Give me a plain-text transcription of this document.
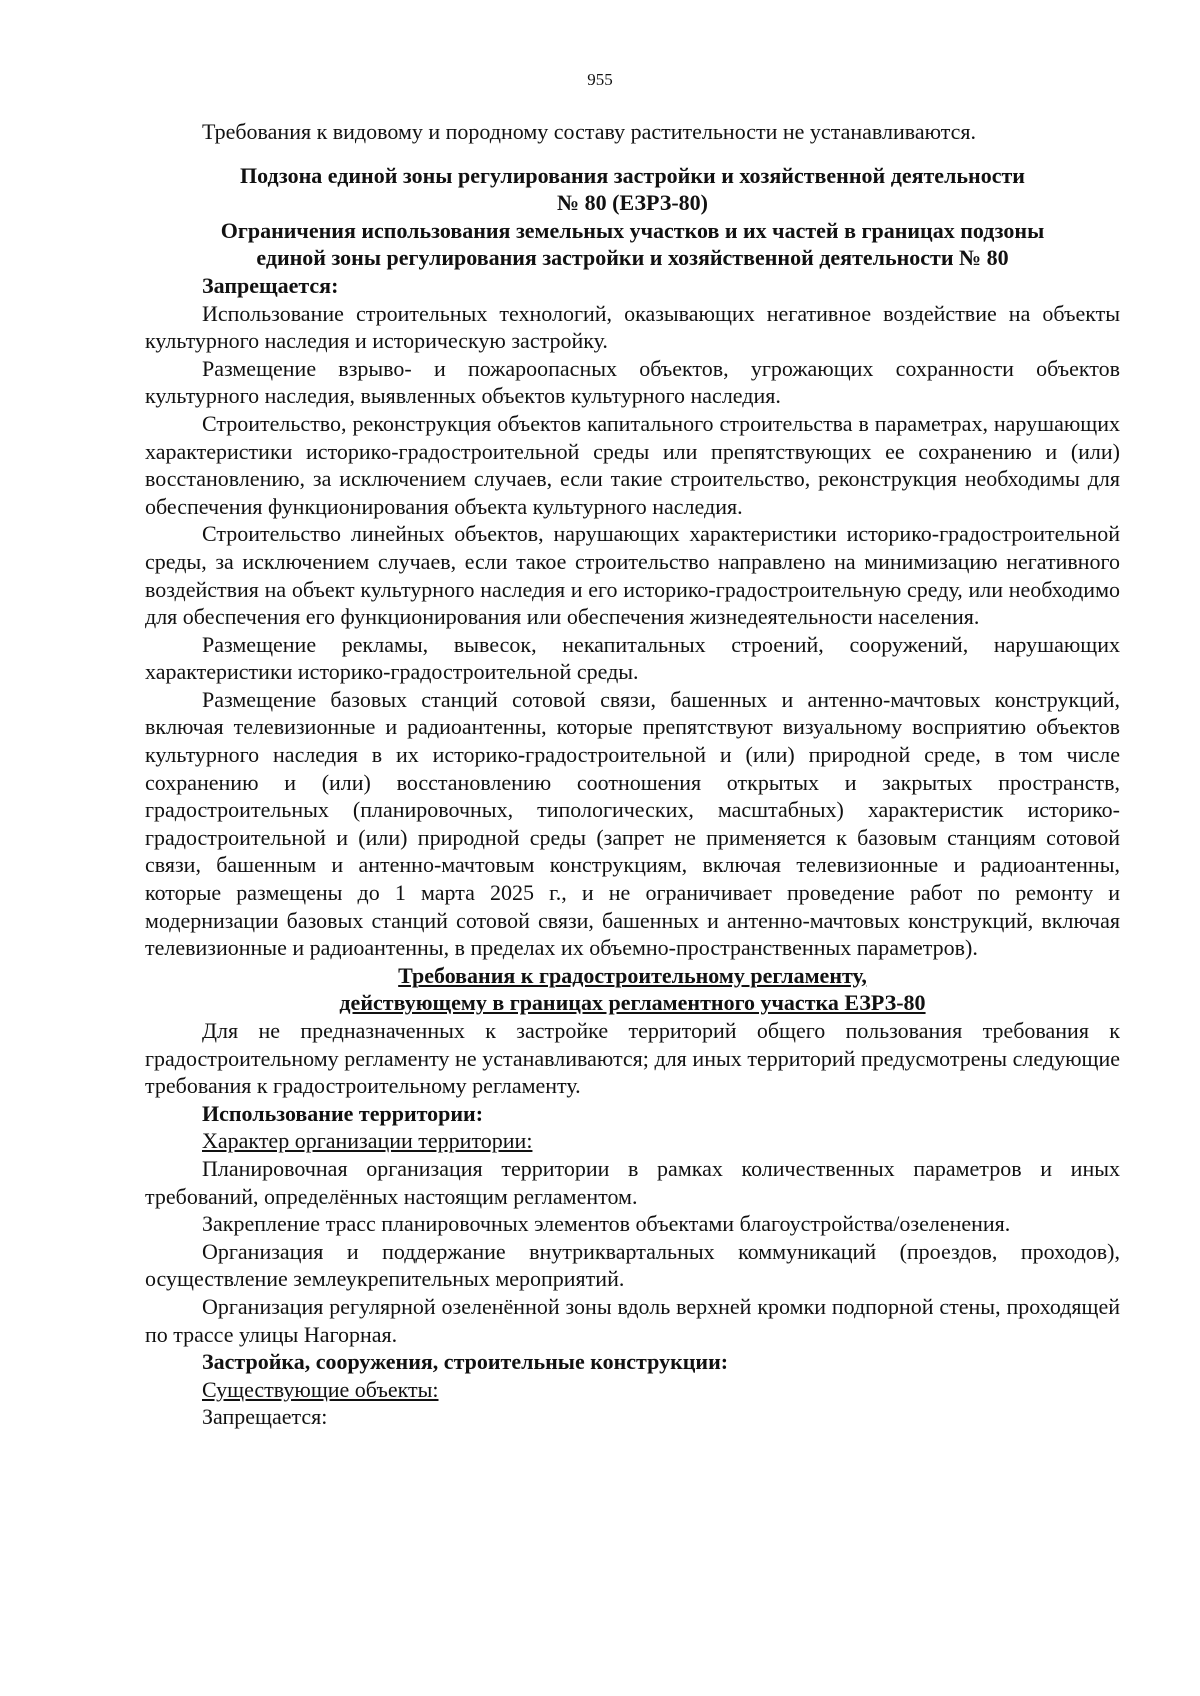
955

Требования к видовому и породному составу растительности не устанавливаются.

Подзона единой зоны регулирования застройки и хозяйственной деятельности
№ 80 (ЕЗРЗ-80)
Ограничения использования земельных участков и их частей в границах подзоны
единой зоны регулирования застройки и хозяйственной деятельности № 80
Запрещается:

Использование строительных технологий, оказывающих негативное воздействие на объекты культурного наследия и историческую застройку.

Размещение взрыво- и пожароопасных объектов, угрожающих сохранности объектов культурного наследия, выявленных объектов культурного наследия.

Строительство, реконструкция объектов капитального строительства в параметрах, нарушающих характеристики историко-градостроительной среды или препятствующих ее сохранению и (или) восстановлению, за исключением случаев, если такие строительство, реконструкция необходимы для обеспечения функционирования объекта культурного наследия.

Строительство линейных объектов, нарушающих характеристики историко-градостроительной среды, за исключением случаев, если такое строительство направлено на минимизацию негативного воздействия на объект культурного наследия и его историко-градостроительную среду, или необходимо для обеспечения его функционирования или обеспечения жизнедеятельности населения.

Размещение рекламы, вывесок, некапитальных строений, сооружений, нарушающих характеристики историко-градостроительной среды.

Размещение базовых станций сотовой связи, башенных и антенно-мачтовых конструкций, включая телевизионные и радиоантенны, которые препятствуют визуальному восприятию объектов культурного наследия в их историко-градостроительной и (или) природной среде, в том числе сохранению и (или) восстановлению соотношения открытых и закрытых пространств, градостроительных (планировочных, типологических, масштабных) характеристик историко-градостроительной и (или) природной среды (запрет не применяется к базовым станциям сотовой связи, башенным и антенно-мачтовым конструкциям, включая телевизионные и радиоантенны, которые размещены до 1 марта 2025 г., и не ограничивает проведение работ по ремонту и модернизации базовых станций сотовой связи, башенных и антенно-мачтовых конструкций, включая телевизионные и радиоантенны, в пределах их объемно-пространственных параметров).

Требования к градостроительному регламенту,
действующему в границах регламентного участка ЕЗРЗ-80

Для не предназначенных к застройке территорий общего пользования требования к градостроительному регламенту не устанавливаются; для иных территорий предусмотрены следующие требования к градостроительному регламенту.

Использование территории:
Характер организации территории:

Планировочная организация территории в рамках количественных параметров и иных требований, определённых настоящим регламентом.

Закрепление трасс планировочных элементов объектами благоустройства/озеленения.

Организация и поддержание внутриквартальных коммуникаций (проездов, проходов), осуществление землеукрепительных мероприятий.

Организация регулярной озеленённой зоны вдоль верхней кромки подпорной стены, проходящей по трассе улицы Нагорная.

Застройка, сооружения, строительные конструкции:
Существующие объекты:
Запрещается:
